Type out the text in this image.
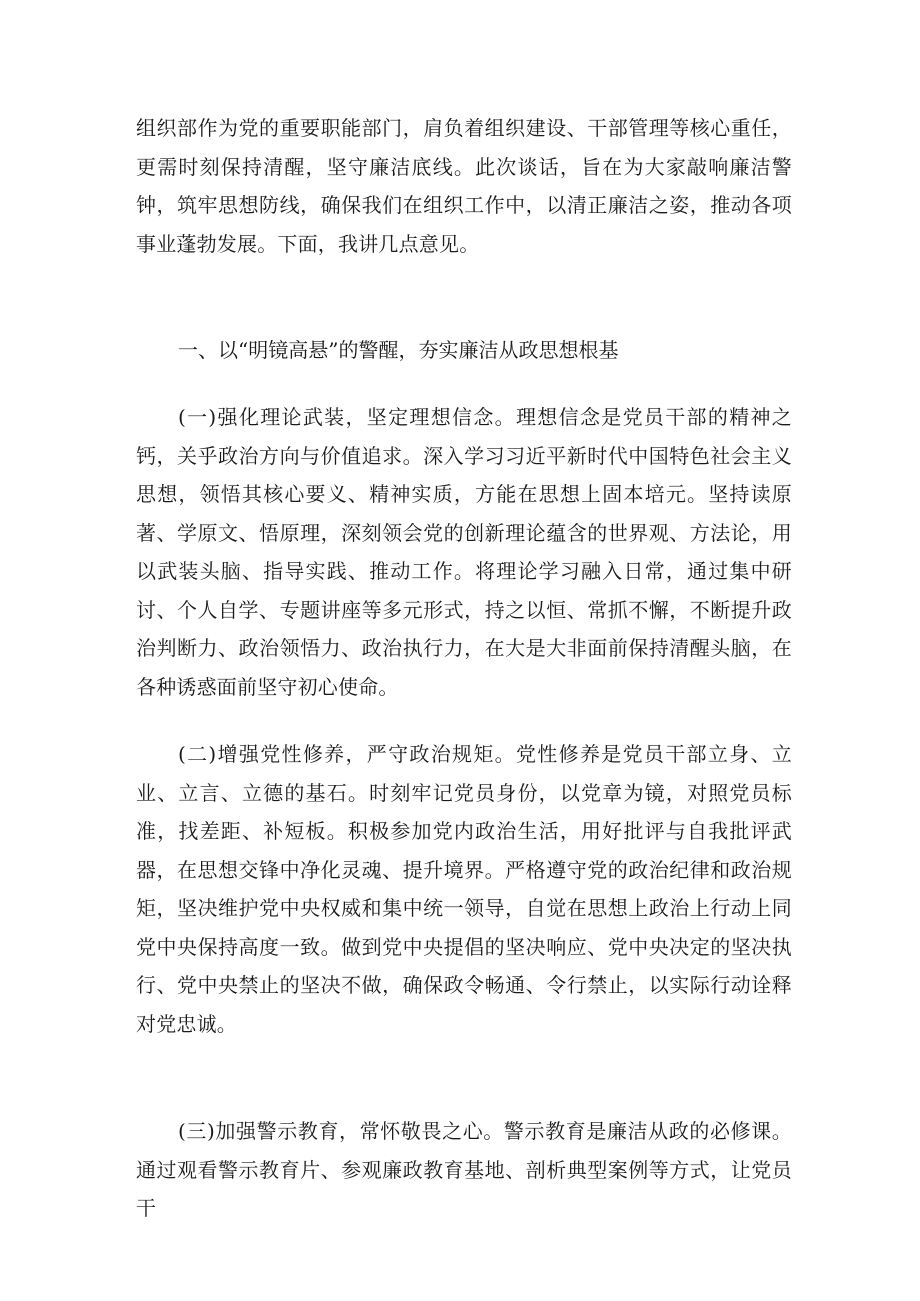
组织部作为党的重要职能部门，肩负着组织建设、干部管理等核心重任，更需时刻保持清醒，坚守廉洁底线。此次谈话，旨在为大家敲响廉洁警钟，筑牢思想防线，确保我们在组织工作中，以清正廉洁之姿，推动各项事业蓬勃发展。下面，我讲几点意见。

一、以“明镜高悬”的警醒，夯实廉洁从政思想根基

(一)强化理论武装，坚定理想信念。理想信念是党员干部的精神之钙，关乎政治方向与价值追求。深入学习习近平新时代中国特色社会主义思想，领悟其核心要义、精神实质，方能在思想上固本培元。坚持读原著、学原文、悟原理，深刻领会党的创新理论蕴含的世界观、方法论，用以武装头脑、指导实践、推动工作。将理论学习融入日常，通过集中研讨、个人自学、专题讲座等多元形式，持之以恒、常抓不懈，不断提升政治判断力、政治领悟力、政治执行力，在大是大非面前保持清醒头脑，在各种诱惑面前坚守初心使命。

(二)增强党性修养，严守政治规矩。党性修养是党员干部立身、立业、立言、立德的基石。时刻牢记党员身份，以党章为镜，对照党员标准，找差距、补短板。积极参加党内政治生活，用好批评与自我批评武器，在思想交锋中净化灵魂、提升境界。严格遵守党的政治纪律和政治规矩，坚决维护党中央权威和集中统一领导，自觉在思想上政治上行动上同党中央保持高度一致。做到党中央提倡的坚决响应、党中央决定的坚决执行、党中央禁止的坚决不做，确保政令畅通、令行禁止，以实际行动诠释对党忠诚。

(三)加强警示教育，常怀敬畏之心。警示教育是廉洁从政的必修课。通过观看警示教育片、参观廉政教育基地、剖析典型案例等方式，让党员干
